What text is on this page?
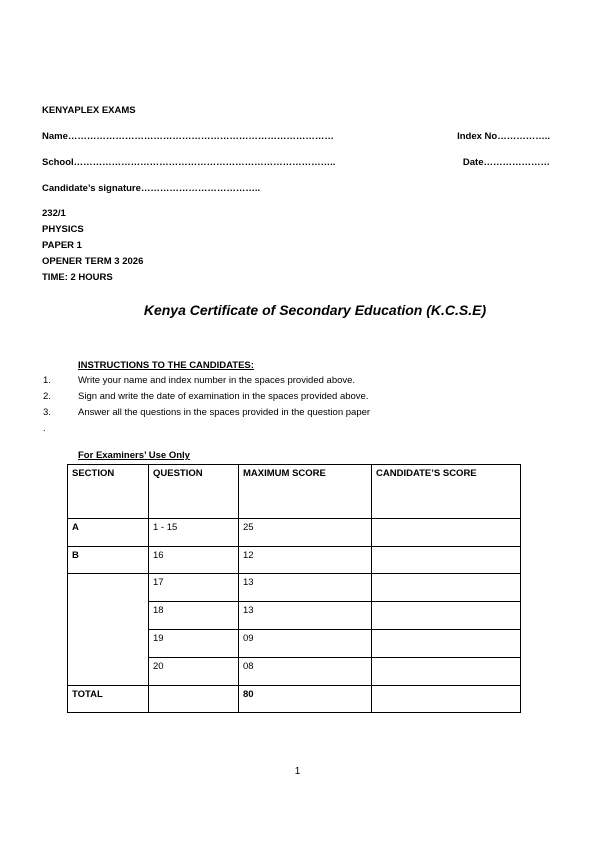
KENYAPLEX EXAMS
Name…………………………………………………………………………	Index No……………..
School………………………………………………………………………..	Date…………………
Candidate’s signature………………………………..
232/1
PHYSICS
PAPER 1
OPENER TERM 3 2026
TIME: 2 HOURS
Kenya Certificate of Secondary Education (K.C.S.E)
INSTRUCTIONS TO THE CANDIDATES:
1.	Write your name and index number in the spaces provided above.
2.	Sign and write the date of examination in the spaces provided above.
3.	Answer all the questions in the spaces provided in the question paper
.
For Examiners’ Use Only
SECTION	QUESTION	MAXIMUM SCORE	CANDIDATE’S SCORE
A	1 - 15	25	
B	16	12	
	17	13	
	18	13	
	19	09	
	20	08	
TOTAL		80	
1
